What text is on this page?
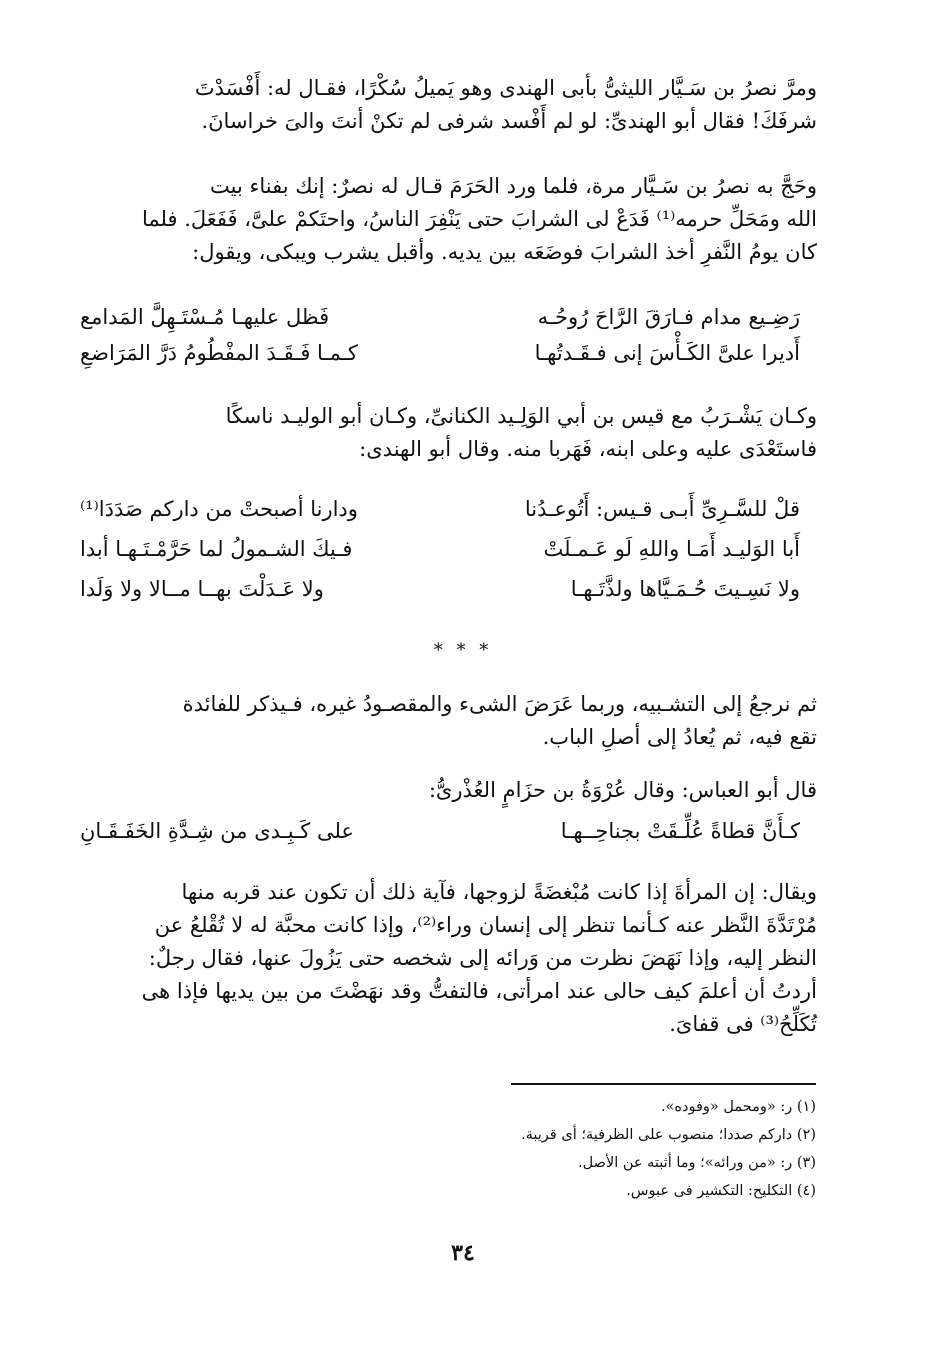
ومرَّ نصرُ بن سَـيَّار الليثىُّ بأبى الهندى وهو يَميلُ سُكْرًا، فقـال له: أَفْسَدْتَ
شرفَكَ! فقال أبو الهندىِّ: لو لم أَفْسد شرفى لم تكنْ أنتَ والىَ خراسانَ.
وحَجَّ به نصرُ بن سَـيَّار مرة، فلما ورد الحَرَمَ قـال له نصرٌ: إنك بفناء بيت
الله ومَحَلِّ حرمه⁽¹⁾ فَدَعْ لى الشرابَ حتى يَنْفِرَ الناسُ، واحتَكمْ علىَّ، فَفَعَلَ. فلما
كان يومُ النَّفرِ أخذ الشرابَ فوضَعَه بين يديه. وأقبل يشرب ويبكى، ويقول:
رَضِـيع مدام فـارَقَ الرَّاحَ رُوحُـه
فَظل عليهـا مُـسْتَـهِلَّ المَدامع
أَديرا علىَّ الكَـأْسَ إنى فـقَـدتُهـا
كـمـا فَـقَـدَ المفْطُومُ دَرَّ المَرَاضعِ
وكـان يَشْـرَبُ مع قيس بن أبي الوَلِـيد الكنانىِّ، وكـان أبو الوليـد ناسكًا
فاستَعْدَى عليه وعلى ابنه، فَهَربا منه. وقال أبو الهندى:
قلْ للسَّـرِىِّ أَبـى قـيس: أَتُوعـدُنا
ودارنا أصبحتْ من داركم صَدَدَا⁽¹⁾
أَبا الوَليـد أَمَـا واللهِ لَو عَـمـلَتْ
فـيكَ الشـمولُ لما حَرَّمْـتَـهـا أبدا
ولا نَسِـيتَ حُـمَـيَّاها ولذَّتَـهـا
ولا عَـدَلْتَ بهــا مــالا ولا وَلَدا
* * *
ثم نرجعُ إلى التشـبيه، وربما عَرَضَ الشىء والمقصـودُ غيره، فـيذكر للفائدة
تقع فيه، ثم يُعادُ إلى أصلِ الباب.
قال أبو العباس: وقال عُرْوَةُ بن حزَامٍ العُذْرىُّ:
كـأَنَّ قطاةً عُلِّـقَتْ بجناحِــهـا
على كَـبِـدى من شِـدَّةِ الخَفَـقَـانِ
ويقال: إن المرأةَ إذا كانت مُبْغضَةً لزوجها، فآية ذلك أن تكون عند قربه منها
مُرْتَدَّةَ النَّظر عنه كـأنما تنظر إلى إنسان وراء⁽²⁾، وإذا كانت محبَّة له لا تُقْلعُ عن
النظر إليه، وإذا نَهَضَ نظرت من وَرائه إلى شخصه حتى يَزُولَ عنها، فقال رجلٌ:
أردتُ أن أعلمَ كيف حالى عند امرأتى، فالتفتُّ وقد نهَضْتَ من بين يديها فإذا هى
تُكَلِّحُ⁽³⁾ فى قفاىَ.
(١) ر: «ومحمل «وفوده».
(٢) داركم صددا؛ منصوب على الظرفية؛ أى قريبة.
(٣) ر: «من ورائه»؛ وما أثبته عن الأصل.
(٤) التكليح: التكشير فى عبوس.
٣٤
